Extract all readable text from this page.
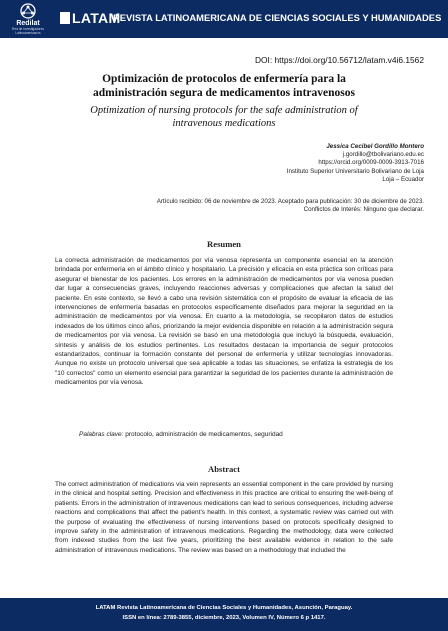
Redilat
Red de Investigadores Latinoamericanos
LATAM
REVISTA LATINOAMERICANA DE CIENCIAS SOCIALES Y HUMANIDADES
DOI: https://doi.org/10.56712/latam.v4i6.1562
Optimización de protocolos de enfermería para la
administración segura de medicamentos intravenosos
Optimization of nursing protocols for the safe administration of
intravenous medications
Jessica Cecibel Gordillo Montero
j.gordillo@tbolivariano.edu.ec
https://orcid.org/0009-0009-3913-7016
Instituto Superior Universitario Bolivariano de Loja
Loja – Ecuador
Artículo recibido: 06 de noviembre de 2023. Aceptado para publicación: 30 de diciembre de 2023.
Conflictos de Interés: Ninguno que declarar.
Resumen

La correcta administración de medicamentos por vía venosa representa un componente esencial en la atención brindada por enfermería en el ámbito clínico y hospitalario. La precisión y eficacia en esta práctica son críticas para asegurar el bienestar de los pacientes. Los errores en la administración de medicamentos por vía venosa pueden dar lugar a consecuencias graves, incluyendo reacciones adversas y complicaciones que afectan la salud del paciente. En este contexto, se llevó a cabo una revisión sistemática con el propósito de evaluar la eficacia de las intervenciones de enfermería basadas en protocolos específicamente diseñados para mejorar la seguridad en la administración de medicamentos por vía venosa. En cuanto a la metodología, se recopilaron datos de estudios indexados de los últimos cinco años, priorizando la mejor evidencia disponible en relación a la administración segura de medicamentos por vía venosa. La revisión se basó en una metodología que incluyó la búsqueda, evaluación, síntesis y análisis de los estudios pertinentes. Los resultados destacan la importancia de seguir protocolos estandarizados, continuar la formación constante del personal de enfermería y utilizar tecnologías innovadoras. Aunque no existe un protocolo universal que sea aplicable a todas las situaciones, se enfatiza la estrategia de los "10 correctos" como un elemento esencial para garantizar la seguridad de los pacientes durante la administración de medicamentos por vía venosa.

Palabras clave: protocolo, administración de medicamentos, seguridad
Abstract

The correct administration of medications via vein represents an essential component in the care provided by nursing in the clinical and hospital setting. Precision and effectiveness in this practice are critical to ensuring the well-being of patients. Errors in the administration of intravenous medications can lead to serious consequences, including adverse reactions and complications that affect the patient's health. In this context, a systematic review was carried out with the purpose of evaluating the effectiveness of nursing interventions based on protocols specifically designed to improve safety in the administration of intravenous medications. Regarding the methodology, data were collected from indexed studies from the last five years, prioritizing the best available evidence in relation to the safe administration of intravenous medications. The review was based on a methodology that included the

LATAM Revista Latinoamericana de Ciencias Sociales y Humanidades, Asunción, Paraguay.
ISSN en línea: 2789-3855, diciembre, 2023, Volumen IV, Número 6 p 1417.
